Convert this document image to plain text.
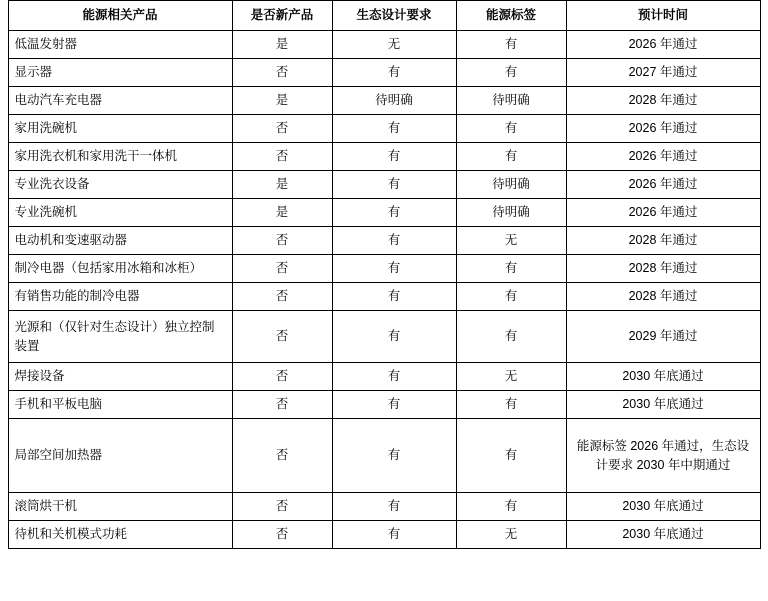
能源相关产品	是否新产品	生态设计要求	能源标签	预计时间
低温发射器	是	无	有	2026 年通过
显示器	否	有	有	2027 年通过
电动汽车充电器	是	待明确	待明确	2028 年通过
家用洗碗机	否	有	有	2026 年通过
家用洗衣机和家用洗干一体机	否	有	有	2026 年通过
专业洗衣设备	是	有	待明确	2026 年通过
专业洗碗机	是	有	待明确	2026 年通过
电动机和变速驱动器	否	有	无	2028 年通过
制冷电器（包括家用冰箱和冰柜）	否	有	有	2028 年通过
有销售功能的制冷电器	否	有	有	2028 年通过
光源和（仅针对生态设计）独立控制装置	否	有	有	2029 年通过
焊接设备	否	有	无	2030 年底通过
手机和平板电脑	否	有	有	2030 年底通过
局部空间加热器	否	有	有	能源标签 2026 年通过，生态设计要求 2030 年中期通过
滚筒烘干机	否	有	有	2030 年底通过
待机和关机模式功耗	否	有	无	2030 年底通过
